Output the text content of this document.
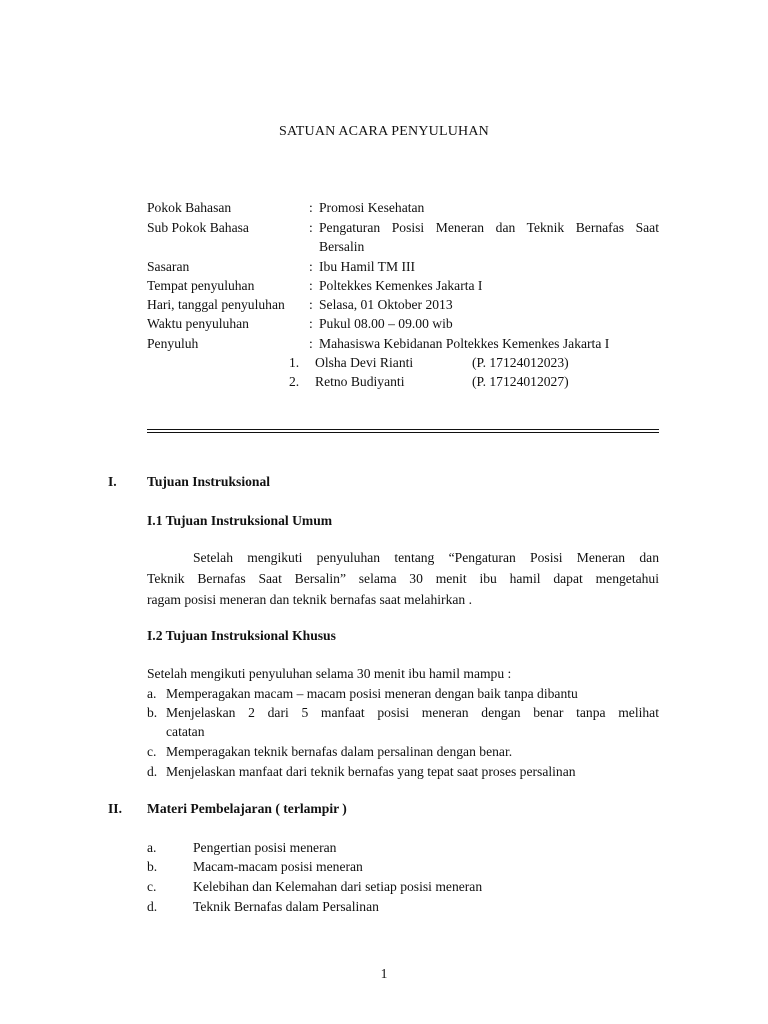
SATUAN ACARA PENYULUHAN
Pokok Bahasan	: Promosi Kesehatan
Sub Pokok Bahasa	: Pengaturan Posisi Meneran dan Teknik Bernafas Saat
Bersalin
Sasaran	: Ibu Hamil TM III
Tempat penyuluhan	: Poltekkes Kemenkes Jakarta I
Hari, tanggal penyuluhan : Selasa, 01 Oktober 2013
Waktu penyuluhan	: Pukul 08.00 – 09.00 wib
Penyuluh	: Mahasiswa Kebidanan Poltekkes Kemenkes Jakarta I
1. Olsha Devi Rianti	(P. 17124012023)
2. Retno Budiyanti	(P. 17124012027)
I. Tujuan Instruksional
I.1 Tujuan Instruksional Umum
Setelah mengikuti penyuluhan tentang “Pengaturan Posisi Meneran dan
Teknik Bernafas Saat Bersalin” selama 30 menit ibu hamil dapat mengetahui
ragam posisi meneran dan teknik bernafas saat melahirkan .
I.2 Tujuan Instruksional Khusus
Setelah mengikuti penyuluhan selama 30 menit ibu hamil mampu :
a. Memperagakan macam – macam posisi meneran dengan baik tanpa dibantu
b. Menjelaskan 2 dari 5 manfaat posisi meneran dengan benar tanpa melihat
catatan
c. Memperagakan teknik bernafas dalam persalinan dengan benar.
d. Menjelaskan manfaat dari teknik bernafas yang tepat saat proses persalinan
II. Materi Pembelajaran ( terlampir )
a.	Pengertian posisi meneran
b.	Macam-macam posisi meneran
c.	Kelebihan dan Kelemahan dari setiap posisi meneran
d.	Teknik Bernafas dalam Persalinan
1
